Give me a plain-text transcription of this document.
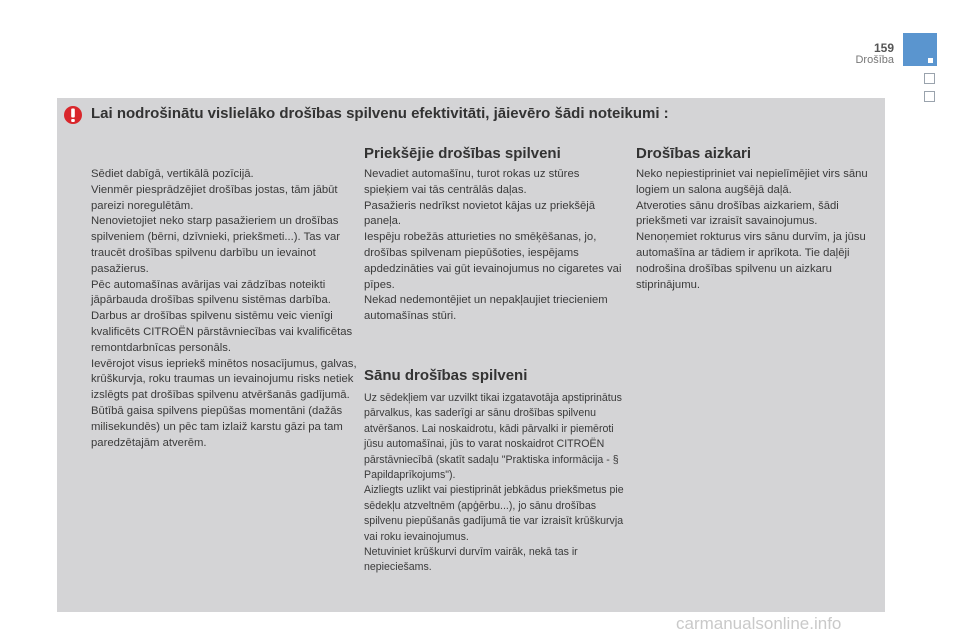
159
Drošība
Lai nodrošinātu vislielāko drošības spilvenu efektivitāti, jāievēro šādi noteikumi :

Sēdiet dabīgā, vertikālā pozīcijā.

Vienmēr piesprādzējiet drošības jostas, tām jābūt pareizi noregulētām.

Nenovietojiet neko starp pasažieriem un drošības spilveniem (bērni, dzīvnieki, priekšmeti...). Tas var traucēt drošības spilvenu darbību un ievainot pasažierus.

Pēc automašīnas avārijas vai zādzības noteikti jāpārbauda drošības spilvenu sistēmas darbība.

Darbus ar drošības spilvenu sistēmu veic vienīgi kvalificēts CITROËN pārstāvniecības vai kvalificētas remontdarbnīcas personāls.

Ievērojot visus iepriekš minētos nosacījumus, galvas, krūškurvja, roku traumas un ievainojumu risks netiek izslēgts pat drošības spilvenu atvēršanās gadījumā. Būtībā gaisa spilvens piepūšas momentāni (dažās milisekundēs) un pēc tam izlaiž karstu gāzi pa tam paredzētajām atverēm.

Priekšējie drošības spilveni

Nevadiet automašīnu, turot rokas uz stūres spieķiem vai tās centrālās daļas.

Pasažieris nedrīkst novietot kājas uz priekšējā paneļa.

Iespēju robežās atturieties no smēķēšanas, jo, drošības spilvenam piepūšoties, iespējams apdedzināties vai gūt ievainojumus no cigaretes vai pīpes.

Nekad nedemontējiet un nepakļaujiet triecieniem automašīnas stūri.

Sānu drošības spilveni

Uz sēdekļiem var uzvilkt tikai izgatavotāja apstiprinātus pārvalkus, kas saderīgi ar sānu drošības spilvenu atvēršanos. Lai noskaidrotu, kādi pārvalki ir piemēroti jūsu automašīnai, jūs to varat noskaidrot CITROËN pārstāvniecībā (skatīt sadaļu "Praktiska informācija - § Papildaprīkojums").

Aizliegts uzlikt vai piestiprināt jebkādus priekšmetus pie sēdekļu atzveltnēm (apģērbu...), jo sānu drošības spilvenu piepūšanās gadījumā tie var izraisīt krūškurvja vai roku ievainojumus.

Netuviniet krūškurvi durvīm vairāk, nekā tas ir nepieciešams.

Drošības aizkari

Neko nepiestipriniet vai nepielīmējiet virs sānu logiem un salona augšējā daļā.

Atveroties sānu drošības aizkariem, šādi priekšmeti var izraisīt savainojumus.

Nenoņemiet rokturus virs sānu durvīm, ja jūsu automašīna ar tādiem ir aprīkota. Tie daļēji nodrošina drošības spilvenu un aizkaru stiprinājumu.

carmanualsonline.info
